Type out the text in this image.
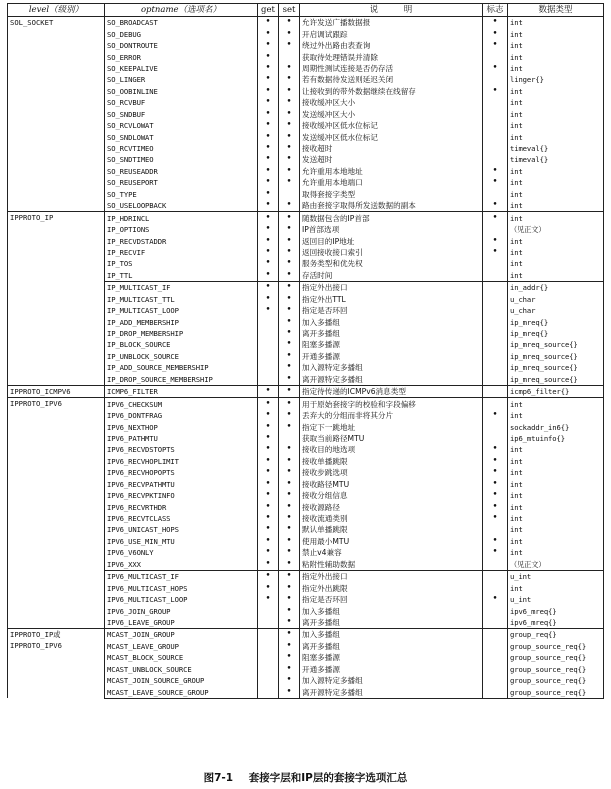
level（级别）	optname（选项名）	get	set	说　　　明	标志	数据类型

SOL_SOCKET	SO_BROADCAST	•	•	允许发送广播数据报	•	int
	SO_DEBUG	•	•	开启调试跟踪	•	int
	SO_DONTROUTE	•	•	绕过外出路由表查询	•	int
	SO_ERROR	•		获取待处理错误并清除		int
	SO_KEEPALIVE	•	•	周期性测试连接是否仍存活	•	int
	SO_LINGER	•	•	若有数据待发送则延迟关闭		linger{}
	SO_OOBINLINE	•	•	让接收到的带外数据继续在线留存	•	int
	SO_RCVBUF	•	•	接收缓冲区大小		int
	SO_SNDBUF	•	•	发送缓冲区大小		int
	SO_RCVLOWAT	•	•	接收缓冲区低水位标记		int
	SO_SNDLOWAT	•	•	发送缓冲区低水位标记		int
	SO_RCVTIMEO	•	•	接收超时		timeval{}
	SO_SNDTIMEO	•	•	发送超时		timeval{}
	SO_REUSEADDR	•	•	允许重用本地地址	•	int
	SO_REUSEPORT	•	•	允许重用本地端口	•	int
	SO_TYPE	•		取得套接字类型		int
	SO_USELOOPBACK	•	•	路由套接字取得所发送数据的副本	•	int

IPPROTO_IP	IP_HDRINCL	•	•	随数据包含的IP首部	•	int
	IP_OPTIONS	•	•	IP首部选项		（见正文）
	IP_RECVDSTADDR	•	•	返回目的IP地址	•	int
	IP_RECVIF	•	•	返回接收接口索引	•	int
	IP_TOS	•	•	服务类型和优先权		int
	IP_TTL	•	•	存活时间		int
	IP_MULTICAST_IF	•	•	指定外出接口		in_addr{}
	IP_MULTICAST_TTL	•	•	指定外出TTL		u_char
	IP_MULTICAST_LOOP	•	•	指定是否环回		u_char
	IP_ADD_MEMBERSHIP		•	加入多播组		ip_mreq{}
	IP_DROP_MEMBERSHIP		•	离开多播组		ip_mreq{}
	IP_BLOCK_SOURCE		•	阻塞多播源		ip_mreq_source{}
	IP_UNBLOCK_SOURCE		•	开通多播源		ip_mreq_source{}
	IP_ADD_SOURCE_MEMBERSHIP		•	加入源特定多播组		ip_mreq_source{}
	IP_DROP_SOURCE_MEMBERSHIP		•	离开源特定多播组		ip_mreq_source{}

IPPROTO_ICMPV6	ICMP6_FILTER	•	•	指定待传递的ICMPv6消息类型		icmp6_filter{}

IPPROTO_IPV6	IPV6_CHECKSUM	•	•	用于原始套接字的校验和字段偏移		int
	IPV6_DONTFRAG	•	•	丢弃大的分组而非将其分片	•	int
	IPV6_NEXTHOP	•	•	指定下一跳地址		sockaddr_in6{}
	IPV6_PATHMTU	•		获取当前路径MTU		ip6_mtuinfo{}
	IPV6_RECVDSTOPTS	•	•	接收目的地选项	•	int
	IPV6_RECVHOPLIMIT	•	•	接收单播跳限	•	int
	IPV6_RECVHOPOPTS	•	•	接收步跳选项	•	int
	IPV6_RECVPATHMTU	•	•	接收路径MTU	•	int
	IPV6_RECVPKTINFO	•	•	接收分组信息	•	int
	IPV6_RECVRTHDR	•	•	接收源路径	•	int
	IPV6_RECVTCLASS	•	•	接收流通类别	•	int
	IPV6_UNICAST_HOPS	•	•	默认单播跳限		int
	IPV6_USE_MIN_MTU	•	•	使用最小MTU	•	int
	IPV6_V6ONLY	•	•	禁止v4兼容	•	int
	IPV6_XXX	•	•	粘附性辅助数据		（见正文）
	IPV6_MULTICAST_IF	•	•	指定外出接口		u_int
	IPV6_MULTICAST_HOPS	•	•	指定外出跳限		int
	IPV6_MULTICAST_LOOP	•	•	指定是否环回	•	u_int
	IPV6_JOIN_GROUP		•	加入多播组		ipv6_mreq{}
	IPV6_LEAVE_GROUP		•	离开多播组		ipv6_mreq{}

IPPROTO_IP或
IPPROTO_IPV6	MCAST_JOIN_GROUP		•	加入多播组		group_req{}
	MCAST_LEAVE_GROUP		•	离开多播组		group_source_req{}
	MCAST_BLOCK_SOURCE		•	阻塞多播源		group_source_req{}
	MCAST_UNBLOCK_SOURCE		•	开通多播源		group_source_req{}
	MCAST_JOIN_SOURCE_GROUP		•	加入源特定多播组		group_source_req{}
	MCAST_LEAVE_SOURCE_GROUP		•	离开源特定多播组		group_source_req{}
图7-1 套接字层和IP层的套接字选项汇总
